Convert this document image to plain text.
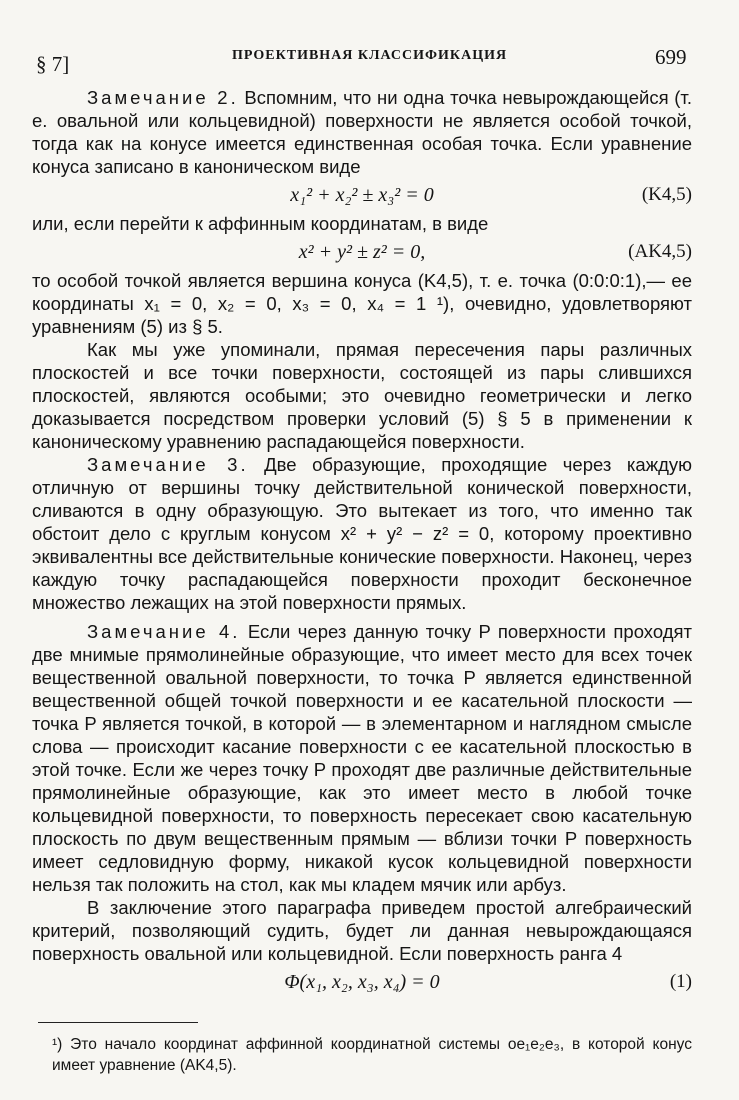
§ 7]	ПРОЕКТИВНАЯ КЛАССИФИКАЦИЯ	699

Замечание 2. Вспомним, что ни одна точка невырождающейся (т. е. овальной или кольцевидной) поверхности не является особой точкой, тогда как на конусе имеется единственная особая точка. Если уравнение конуса записано в каноническом виде

x₁² + x₂² ± x₃² = 0	(K4,5)

или, если перейти к аффинным координатам, в виде

x² + y² ± z² = 0,	(AK4,5)

то особой точкой является вершина конуса (K4,5), т. е. точка (0:0:0:1),— ее координаты x₁ = 0, x₂ = 0, x₃ = 0, x₄ = 1 ¹), очевидно, удовлетворяют уравнениям (5) из § 5.

Как мы уже упоминали, прямая пересечения пары различных плоскостей и все точки поверхности, состоящей из пары слившихся плоскостей, являются особыми; это очевидно геометрически и легко доказывается посредством проверки условий (5) § 5 в применении к каноническому уравнению распадающейся поверхности.

Замечание 3. Две образующие, проходящие через каждую отличную от вершины точку действительной конической поверхности, сливаются в одну образующую. Это вытекает из того, что именно так обстоит дело с круглым конусом x² + y² − z² = 0, которому проективно эквивалентны все действительные конические поверхности. Наконец, через каждую точку распадающейся поверхности проходит бесконечное множество лежащих на этой поверхности прямых.

Замечание 4. Если через данную точку P поверхности проходят две мнимые прямолинейные образующие, что имеет место для всех точек вещественной овальной поверхности, то точка P является единственной вещественной общей точкой поверхности и ее касательной плоскости — точка P является точкой, в которой — в элементарном и наглядном смысле слова — происходит касание поверхности с ее касательной плоскостью в этой точке. Если же через точку P проходят две различные действительные прямолинейные образующие, как это имеет место в любой точке кольцевидной поверхности, то поверхность пересекает свою касательную плоскость по двум вещественным прямым — вблизи точки P поверхность имеет седловидную форму, никакой кусок кольцевидной поверхности нельзя так положить на стол, как мы кладем мячик или арбуз.

В заключение этого параграфа приведем простой алгебраический критерий, позволяющий судить, будет ли данная невырождающаяся поверхность овальной или кольцевидной. Если поверхность ранга 4

Φ(x₁, x₂, x₃, x₄) = 0	(1)
¹) Это начало координат аффинной координатной системы oe₁e₂e₃, в которой конус имеет уравнение (AK4,5).
